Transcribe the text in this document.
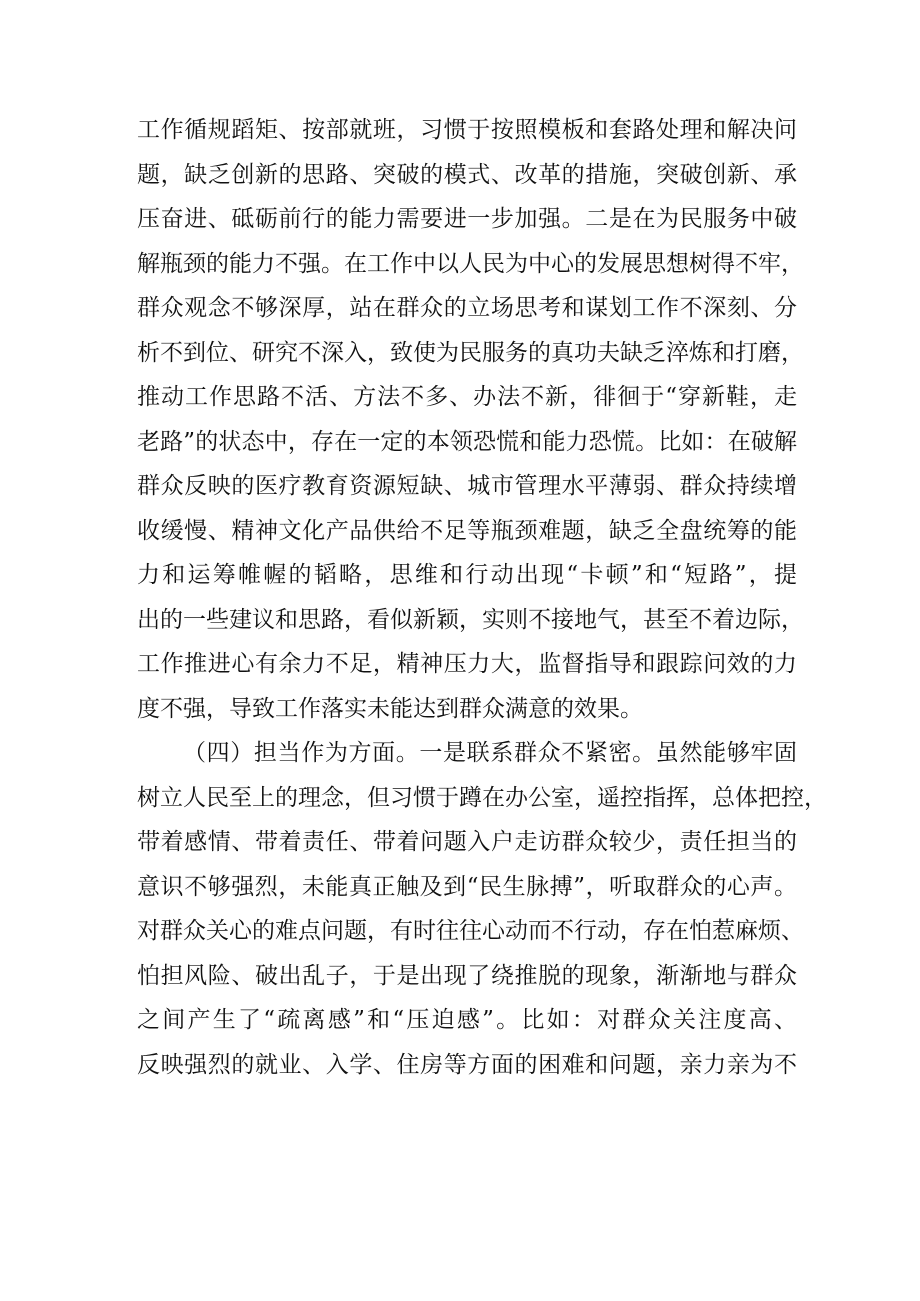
工作循规蹈矩、按部就班，习惯于按照模板和套路处理和解决问
题，缺乏创新的思路、突破的模式、改革的措施，突破创新、承
压奋进、砥砺前行的能力需要进一步加强。二是在为民服务中破
解瓶颈的能力不强。在工作中以人民为中心的发展思想树得不牢，
群众观念不够深厚，站在群众的立场思考和谋划工作不深刻、分
析不到位、研究不深入，致使为民服务的真功夫缺乏淬炼和打磨，
推动工作思路不活、方法不多、办法不新，徘徊于“穿新鞋，走
老路”的状态中，存在一定的本领恐慌和能力恐慌。比如：在破解
群众反映的医疗教育资源短缺、城市管理水平薄弱、群众持续增
收缓慢、精神文化产品供给不足等瓶颈难题，缺乏全盘统筹的能
力和运筹帷幄的韬略，思维和行动出现“卡顿”和“短路”，提
出的一些建议和思路，看似新颖，实则不接地气，甚至不着边际，
工作推进心有余力不足，精神压力大，监督指导和跟踪问效的力
度不强，导致工作落实未能达到群众满意的效果。
（四）担当作为方面。一是联系群众不紧密。虽然能够牢固
树立人民至上的理念，但习惯于蹲在办公室，遥控指挥，总体把控，
带着感情、带着责任、带着问题入户走访群众较少，责任担当的
意识不够强烈，未能真正触及到“民生脉搏”，听取群众的心声。
对群众关心的难点问题，有时往往心动而不行动，存在怕惹麻烦、
怕担风险、破出乱子，于是出现了绕推脱的现象，渐渐地与群众
之间产生了“疏离感”和“压迫感”。比如：对群众关注度高、
反映强烈的就业、入学、住房等方面的困难和问题，亲力亲为不
